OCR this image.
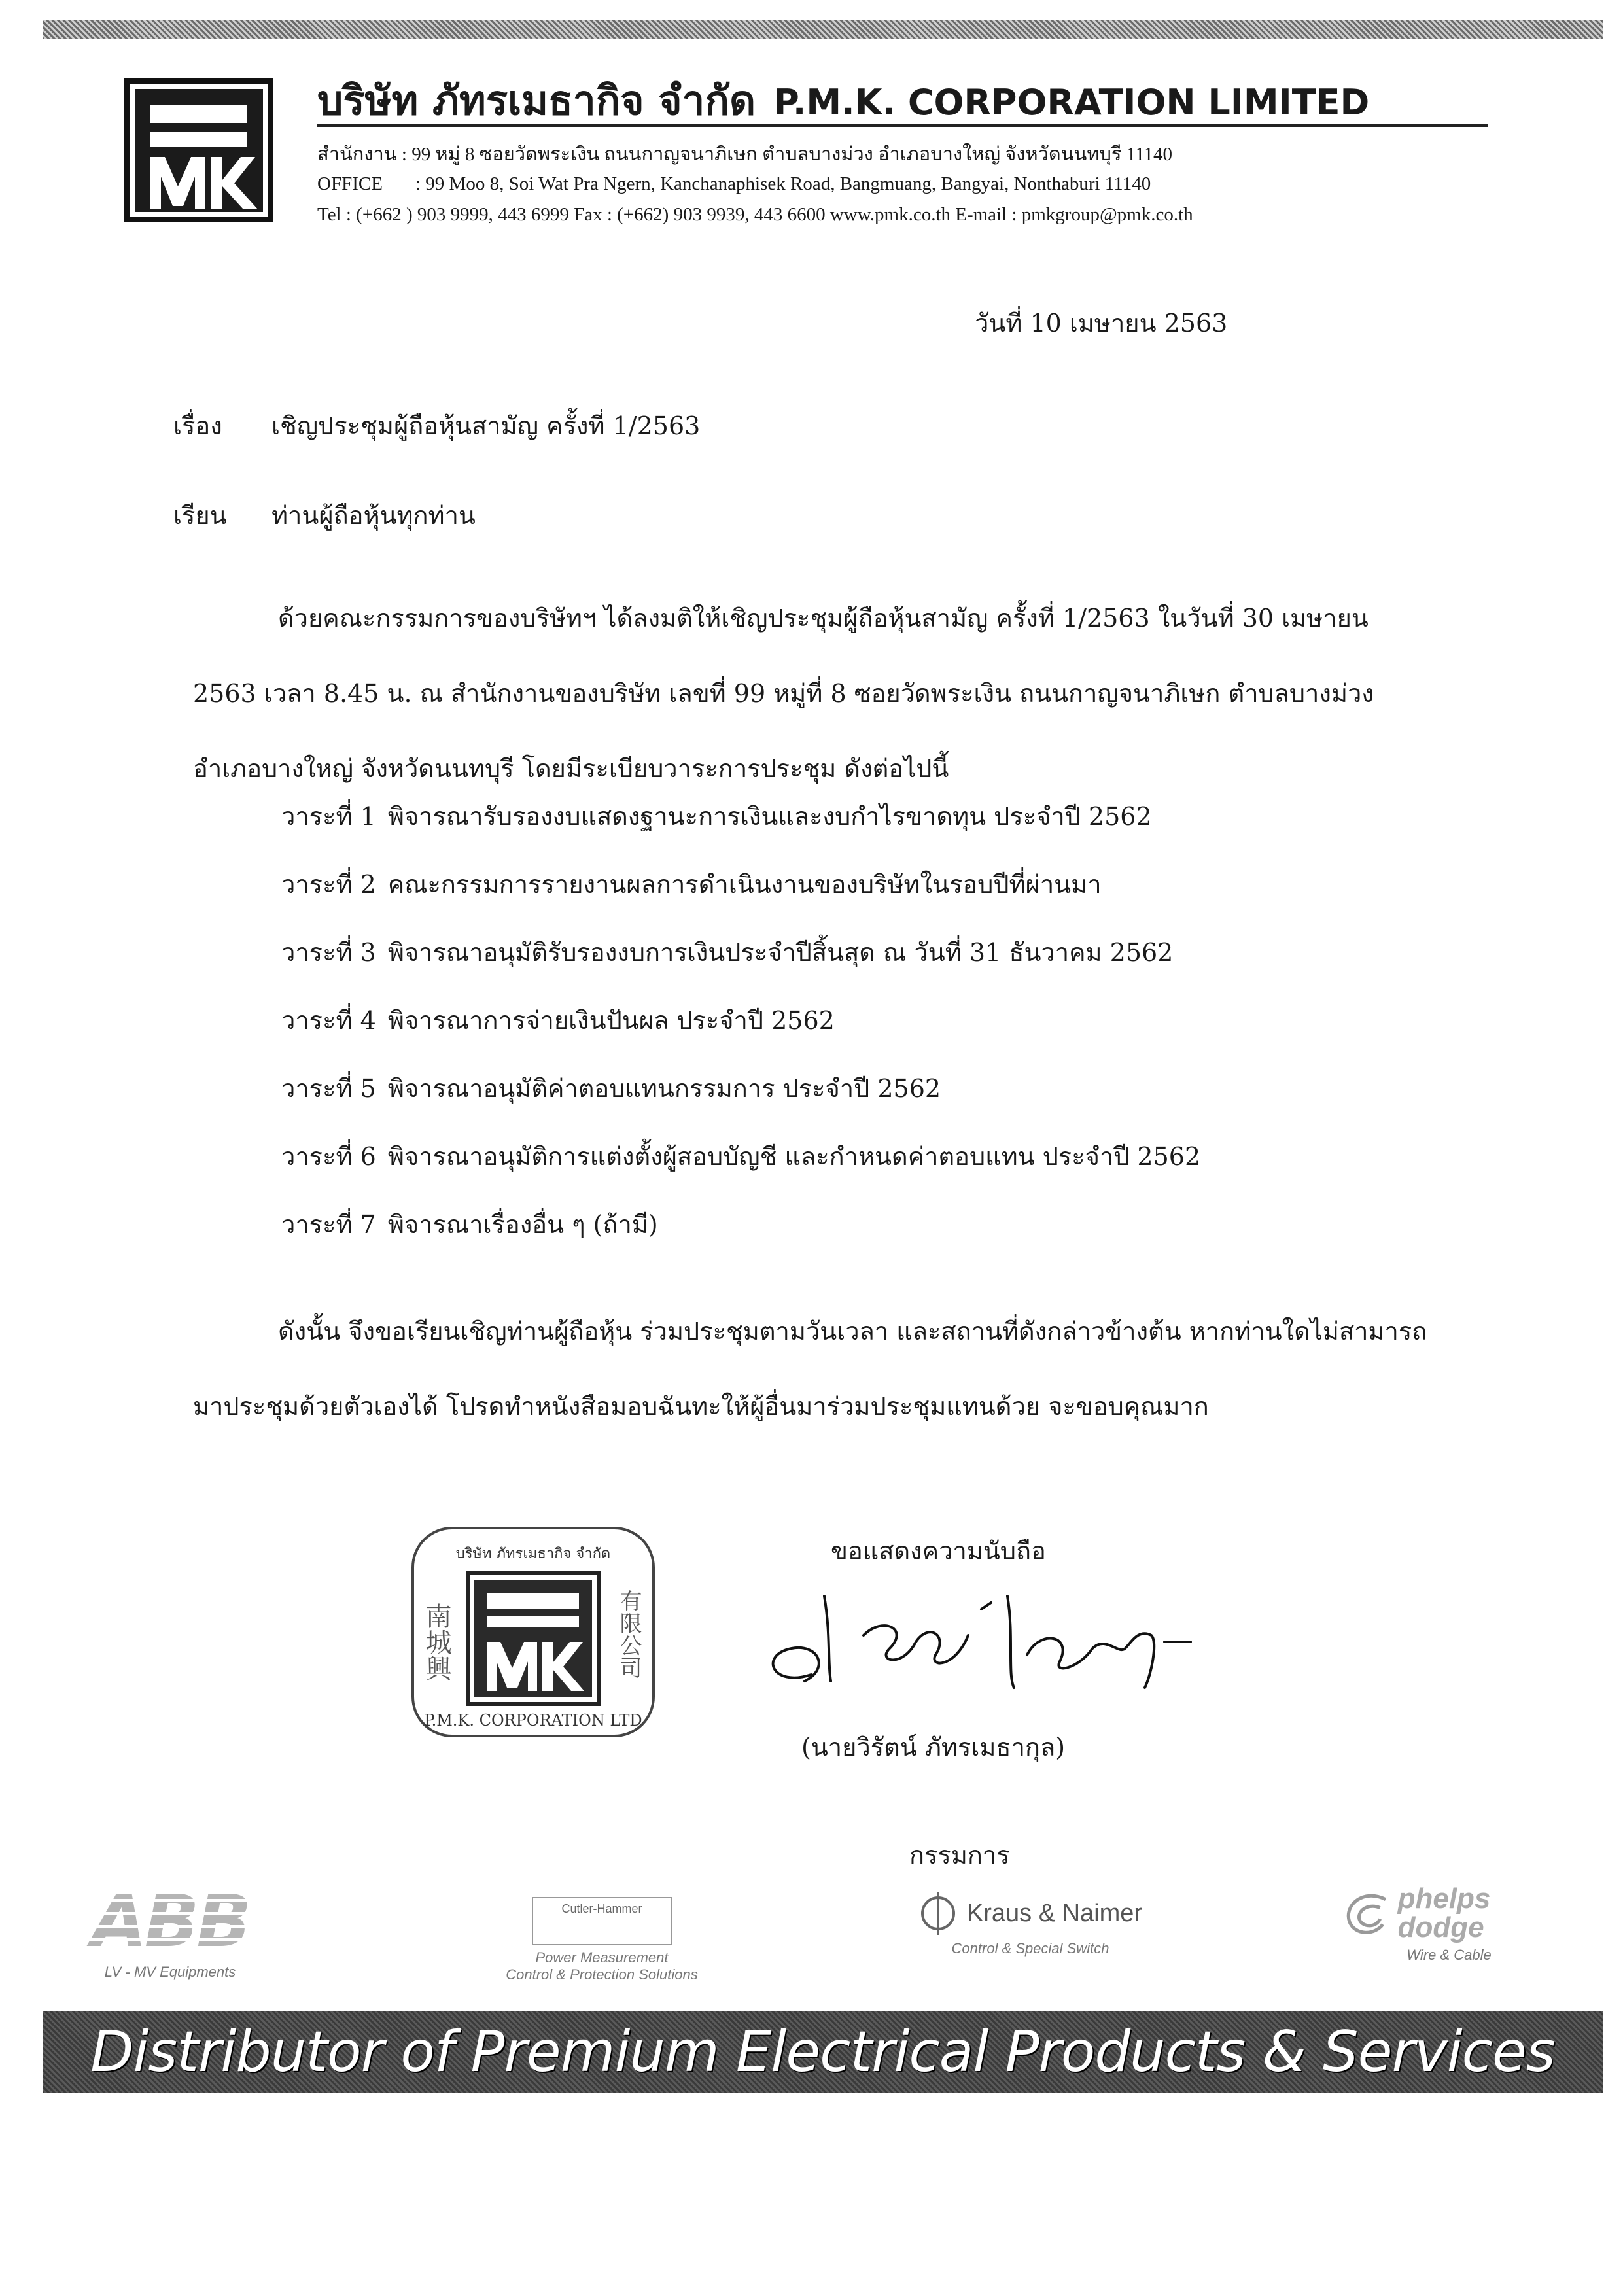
บริษัท ภัทรเมธากิจ จำกัด P.M.K. CORPORATION LIMITED
สำนักงาน : 99 หมู่ 8 ซอยวัดพระเงิน ถนนกาญจนาภิเษก ตำบลบางม่วง อำเภอบางใหญ่ จังหวัดนนทบุรี 11140
OFFICE : 99 Moo 8, Soi Wat Pra Ngern, Kanchanaphisek Road, Bangmuang, Bangyai, Nonthaburi 11140
Tel : (+662 ) 903 9999, 443 6999 Fax : (+662) 903 9939, 443 6600 www.pmk.co.th E-mail : pmkgroup@pmk.co.th
วันที่ 10 เมษายน 2563
เรื่อง เชิญประชุมผู้ถือหุ้นสามัญ ครั้งที่ 1/2563
เรียน ท่านผู้ถือหุ้นทุกท่าน
ด้วยคณะกรรมการของบริษัทฯ ได้ลงมติให้เชิญประชุมผู้ถือหุ้นสามัญ ครั้งที่ 1/2563 ในวันที่ 30 เมษายน 2563 เวลา 8.45 น. ณ สำนักงานของบริษัท เลขที่ 99 หมู่ที่ 8 ซอยวัดพระเงิน ถนนกาญจนาภิเษก ตำบลบางม่วง อำเภอบางใหญ่ จังหวัดนนทบุรี โดยมีระเบียบวาระการประชุม ดังต่อไปนี้
วาระที่ 1 พิจารณารับรองงบแสดงฐานะการเงินและงบกำไรขาดทุน ประจำปี 2562
วาระที่ 2 คณะกรรมการรายงานผลการดำเนินงานของบริษัทในรอบปีที่ผ่านมา
วาระที่ 3 พิจารณาอนุมัติรับรองงบการเงินประจำปีสิ้นสุด ณ วันที่ 31 ธันวาคม 2562
วาระที่ 4 พิจารณาการจ่ายเงินปันผล ประจำปี 2562
วาระที่ 5 พิจารณาอนุมัติค่าตอบแทนกรรมการ ประจำปี 2562
วาระที่ 6 พิจารณาอนุมัติการแต่งตั้งผู้สอบบัญชี และกำหนดค่าตอบแทน ประจำปี 2562
วาระที่ 7 พิจารณาเรื่องอื่น ๆ (ถ้ามี)
ดังนั้น จึงขอเรียนเชิญท่านผู้ถือหุ้น ร่วมประชุมตามวันเวลา และสถานที่ดังกล่าวข้างต้น หากท่านใดไม่สามารถมาประชุมด้วยตัวเองได้ โปรดทำหนังสือมอบฉันทะให้ผู้อื่นมาร่วมประชุมแทนด้วย จะขอบคุณมาก
บริษัท ภัทรเมธากิจ จำกัด
南城興	有限公司
P.M.K. CORPORATION LTD
ขอแสดงความนับถือ
(นายวิรัตน์ ภัทรเมธากุล)
กรรมการ
ABB
LV - MV Equipments
Cutler-Hammer
Power Measurement
Control & Protection Solutions
Kraus & Naimer
Control & Special Switch
phelps dodge
Wire & Cable
Distributor of Premium Electrical Products & Services
